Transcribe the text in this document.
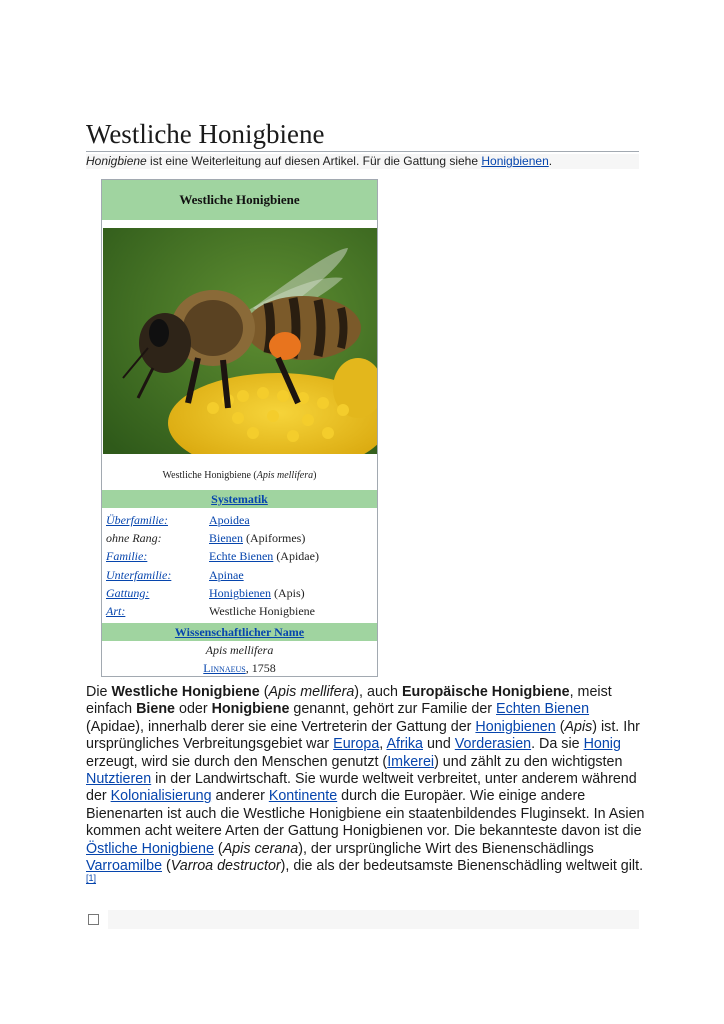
Westliche Honigbiene
Honigbiene ist eine Weiterleitung auf diesen Artikel. Für die Gattung siehe Honigbienen.
Westliche Honigbiene
Westliche Honigbiene (Apis mellifera)
Systematik
Überfamilie:	Apoidea
ohne Rang:	Bienen (Apiformes)
Familie:	Echte Bienen (Apidae)
Unterfamilie:	Apinae
Gattung:	Honigbienen (Apis)
Art:	Westliche Honigbiene
Wissenschaftlicher Name
Apis mellifera
Linnaeus, 1758

Die Westliche Honigbiene (Apis mellifera), auch Europäische Honigbiene, meist einfach Biene oder Honigbiene genannt, gehört zur Familie der Echten Bienen (Apidae), innerhalb derer sie eine Vertreterin der Gattung der Honigbienen (Apis) ist. Ihr ursprüngliches Verbreitungsgebiet war Europa, Afrika und Vorderasien. Da sie Honig erzeugt, wird sie durch den Menschen genutzt (Imkerei) und zählt zu den wichtigsten Nutztieren in der Landwirtschaft. Sie wurde weltweit verbreitet, unter anderem während der Kolonialisierung anderer Kontinente durch die Europäer. Wie einige andere Bienenarten ist auch die Westliche Honigbiene ein staatenbildendes Fluginsekt. In Asien kommen acht weitere Arten der Gattung Honigbienen vor. Die bekannteste davon ist die Östliche Honigbiene (Apis cerana), der ursprüngliche Wirt des Bienenschädlings Varroamilbe (Varroa destructor), die als der bedeutsamste Bienenschädling weltweit gilt.[1]
